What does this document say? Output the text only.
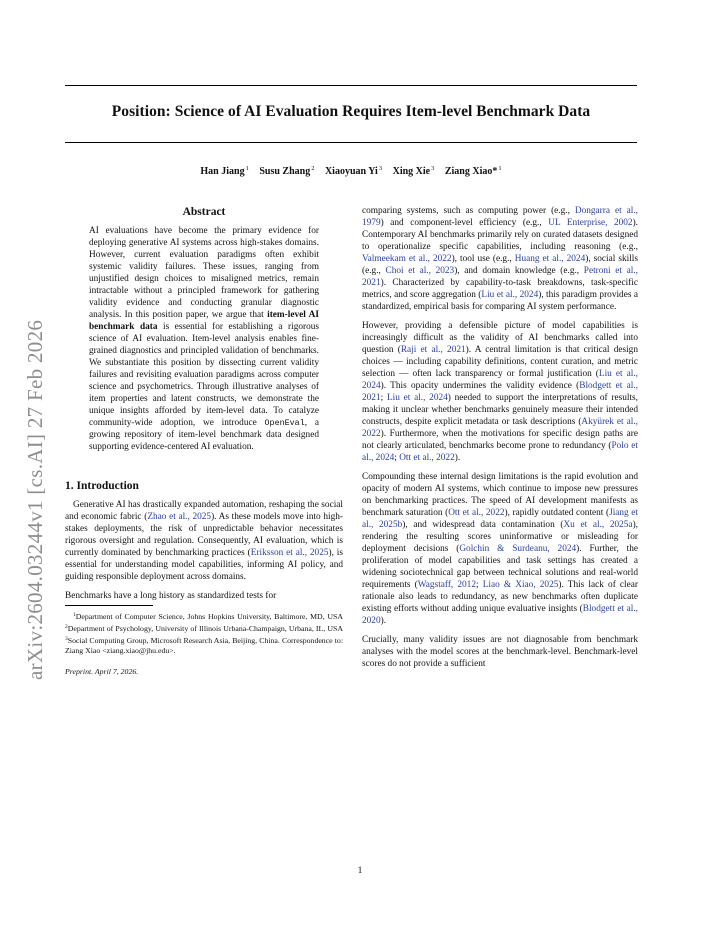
arXiv:2604.03244v1 [cs.AI] 27 Feb 2026
Position: Science of AI Evaluation Requires Item-level Benchmark Data
Han Jiang$^1$ Susu Zhang$^2$ Xiaoyuan Yi$^3$ Xing Xie$^3$ Ziang Xiao*$^1$
Abstract
AI evaluations have become the primary evidence for deploying generative AI systems across high-stakes domains. However, current evaluation paradigms often exhibit systemic validity failures. These issues, ranging from unjustified design choices to misaligned metrics, remain intractable without a principled framework for gathering validity evidence and conducting granular diagnostic analysis. In this position paper, we argue that item-level AI benchmark data is essential for establishing a rigorous science of AI evaluation. Item-level analysis enables fine-grained diagnostics and principled validation of benchmarks. We substantiate this position by dissecting current validity failures and revisiting evaluation paradigms across computer science and psychometrics. Through illustrative analyses of item properties and latent constructs, we demonstrate the unique insights afforded by item-level data. To catalyze community-wide adoption, we introduce OpenEval, a growing repository of item-level benchmark data designed supporting evidence-centered AI evaluation.
1. Introduction

Generative AI has drastically expanded automation, reshaping the social and economic fabric (Zhao et al., 2025). As these models move into high-stakes deployments, the risk of unpredictable behavior necessitates rigorous oversight and regulation. Consequently, AI evaluation, which is currently dominated by benchmarking practices (Eriksson et al., 2025), is essential for understanding model capabilities, informing AI policy, and guiding responsible deployment across domains.

Benchmarks have a long history as standardized tests for

$^1$Department of Computer Science, Johns Hopkins University, Baltimore, MD, USA $^2$Department of Psychology, University of Illinois Urbana-Champaign, Urbana, IL, USA $^3$Social Computing Group, Microsoft Research Asia, Beijing, China. Correspondence to: Ziang Xiao <ziang.xiao@jhu.edu>.

Preprint. April 7, 2026.

comparing systems, such as computing power (e.g., Dongarra et al., 1979) and component-level efficiency (e.g., UL Enterprise, 2002). Contemporary AI benchmarks primarily rely on curated datasets designed to operationalize specific capabilities, including reasoning (e.g., Valmeekam et al., 2022), tool use (e.g., Huang et al., 2024), social skills (e.g., Choi et al., 2023), and domain knowledge (e.g., Petroni et al., 2021). Characterized by capability-to-task breakdowns, task-specific metrics, and score aggregation (Liu et al., 2024), this paradigm provides a standardized, empirical basis for comparing AI system performance.

However, providing a defensible picture of model capabilities is increasingly difficult as the validity of AI benchmarks called into question (Raji et al., 2021). A central limitation is that critical design choices — including capability definitions, content curation, and metric selection — often lack transparency or formal justification (Liu et al., 2024). This opacity undermines the validity evidence (Blodgett et al., 2021; Liu et al., 2024) needed to support the interpretations of results, making it unclear whether benchmarks genuinely measure their intended constructs, despite explicit metadata or task descriptions (Akyürek et al., 2022). Furthermore, when the motivations for specific design paths are not clearly articulated, benchmarks become prone to redundancy (Polo et al., 2024; Ott et al., 2022).

Compounding these internal design limitations is the rapid evolution and opacity of modern AI systems, which continue to impose new pressures on benchmarking practices. The speed of AI development manifests as benchmark saturation (Ott et al., 2022), rapidly outdated content (Jiang et al., 2025b), and widespread data contamination (Xu et al., 2025a), rendering the resulting scores uninformative or misleading for deployment decisions (Golchin & Surdeanu, 2024). Further, the proliferation of model capabilities and task settings has created a widening sociotechnical gap between technical solutions and real-world requirements (Wagstaff, 2012; Liao & Xiao, 2025). This lack of clear rationale also leads to redundancy, as new benchmarks often duplicate existing efforts without adding unique evaluative insights (Blodgett et al., 2020).

Crucially, many validity issues are not diagnosable from benchmark analyses with the model scores at the benchmark-level. Benchmark-level scores do not provide a sufficient

1
